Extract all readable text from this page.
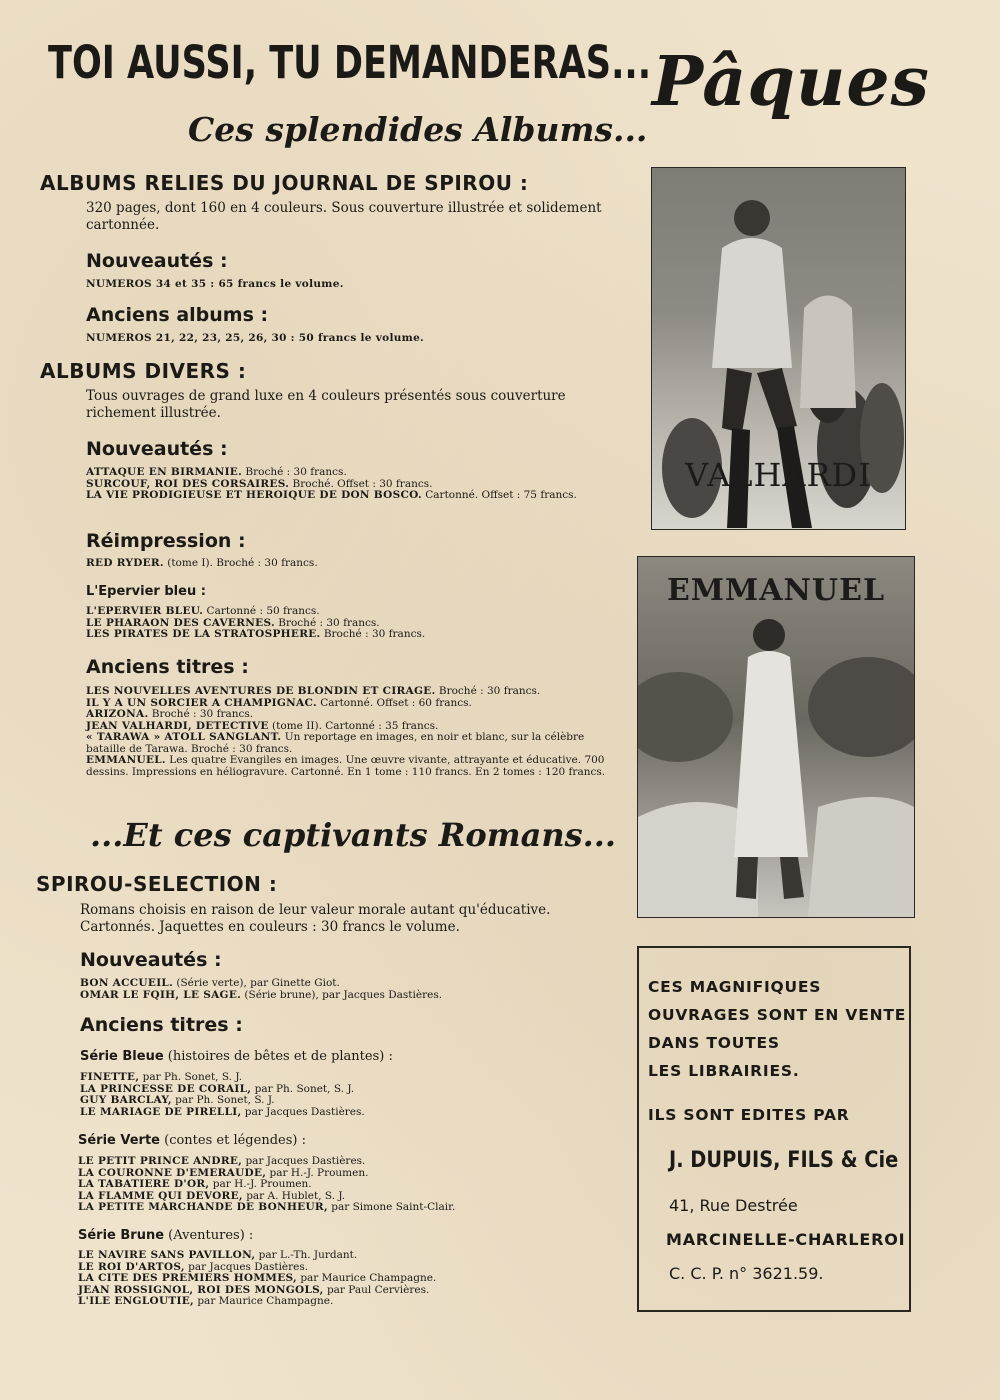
TOI AUSSI, TU DEMANDERAS... Pâques
Ces splendides Albums...
ALBUMS RELIES DU JOURNAL DE SPIROU :
320 pages, dont 160 en 4 couleurs. Sous couverture illustrée et solidement cartonnée.
Nouveautés :
NUMEROS 34 et 35 : 65 francs le volume.
Anciens albums :
NUMEROS 21, 22, 23, 25, 26, 30 : 50 francs le volume.
ALBUMS DIVERS :
Tous ouvrages de grand luxe en 4 couleurs présentés sous couverture richement illustrée.
Nouveautés :
ATTAQUE EN BIRMANIE. Broché : 30 francs.
SURCOUF, ROI DES CORSAIRES. Broché. Offset : 30 francs.
LA VIE PRODIGIEUSE ET HEROIQUE DE DON BOSCO. Cartonné. Offset : 75 francs.
Réimpression :
RED RYDER. (tome I). Broché : 30 francs.
L'Epervier bleu :
L'EPERVIER BLEU. Cartonné : 50 francs.
LE PHARAON DES CAVERNES. Broché : 30 francs.
LES PIRATES DE LA STRATOSPHERE. Broché : 30 francs.
Anciens titres :
LES NOUVELLES AVENTURES DE BLONDIN ET CIRAGE. Broché : 30 francs.
IL Y A UN SORCIER A CHAMPIGNAC. Cartonné. Offset : 60 francs.
ARIZONA. Broché : 30 francs.
JEAN VALHARDI, DETECTIVE (tome II). Cartonné : 35 francs.
« TARAWA » ATOLL SANGLANT. Un reportage en images, en noir et blanc, sur la célèbre bataille de Tarawa. Broché : 30 francs.
EMMANUEL. Les quatre Evangiles en images. Une œuvre vivante, attrayante et éducative. 700 dessins. Impressions en héliogravure. Cartonné. En 1 tome : 110 francs. En 2 tomes : 120 francs.
...Et ces captivants Romans...
SPIROU-SELECTION :
Romans choisis en raison de leur valeur morale autant qu'éducative. Cartonnés. Jaquettes en couleurs : 30 francs le volume.
Nouveautés :
BON ACCUEIL. (Série verte), par Ginette Giot.
OMAR LE FQIH, LE SAGE. (Série brune), par Jacques Dastières.
Anciens titres :
Série Bleue (histoires de bêtes et de plantes) :
FINETTE, par Ph. Sonet, S. J.
LA PRINCESSE DE CORAIL, par Ph. Sonet, S. J.
GUY BARCLAY, par Ph. Sonet, S. J.
LE MARIAGE DE PIRELLI, par Jacques Dastières.
Série Verte (contes et légendes) :
LE PETIT PRINCE ANDRE, par Jacques Dastières.
LA COURONNE D'EMERAUDE, par H.-J. Proumen.
LA TABATIERE D'OR, par H.-J. Proumen.
LA FLAMME QUI DEVORE, par A. Hublet, S. J.
LA PETITE MARCHANDE DE BONHEUR, par Simone Saint-Clair.
Série Brune (Aventures) :
LE NAVIRE SANS PAVILLON, par L.-Th. Jurdant.
LE ROI D'ARTOS, par Jacques Dastières.
LA CITE DES PREMIERS HOMMES, par Maurice Champagne.
JEAN ROSSIGNOL, ROI DES MONGOLS, par Paul Cervières.
L'ILE ENGLOUTIE, par Maurice Champagne.
VALHARDI
EMMANUEL
CES MAGNIFIQUES
OUVRAGES SONT EN VENTE
DANS TOUTES
LES LIBRAIRIES.
ILS SONT EDITES PAR
J. DUPUIS, FILS & Cie
41, Rue Destrée
MARCINELLE-CHARLEROI
C. C. P. n° 3621.59.
